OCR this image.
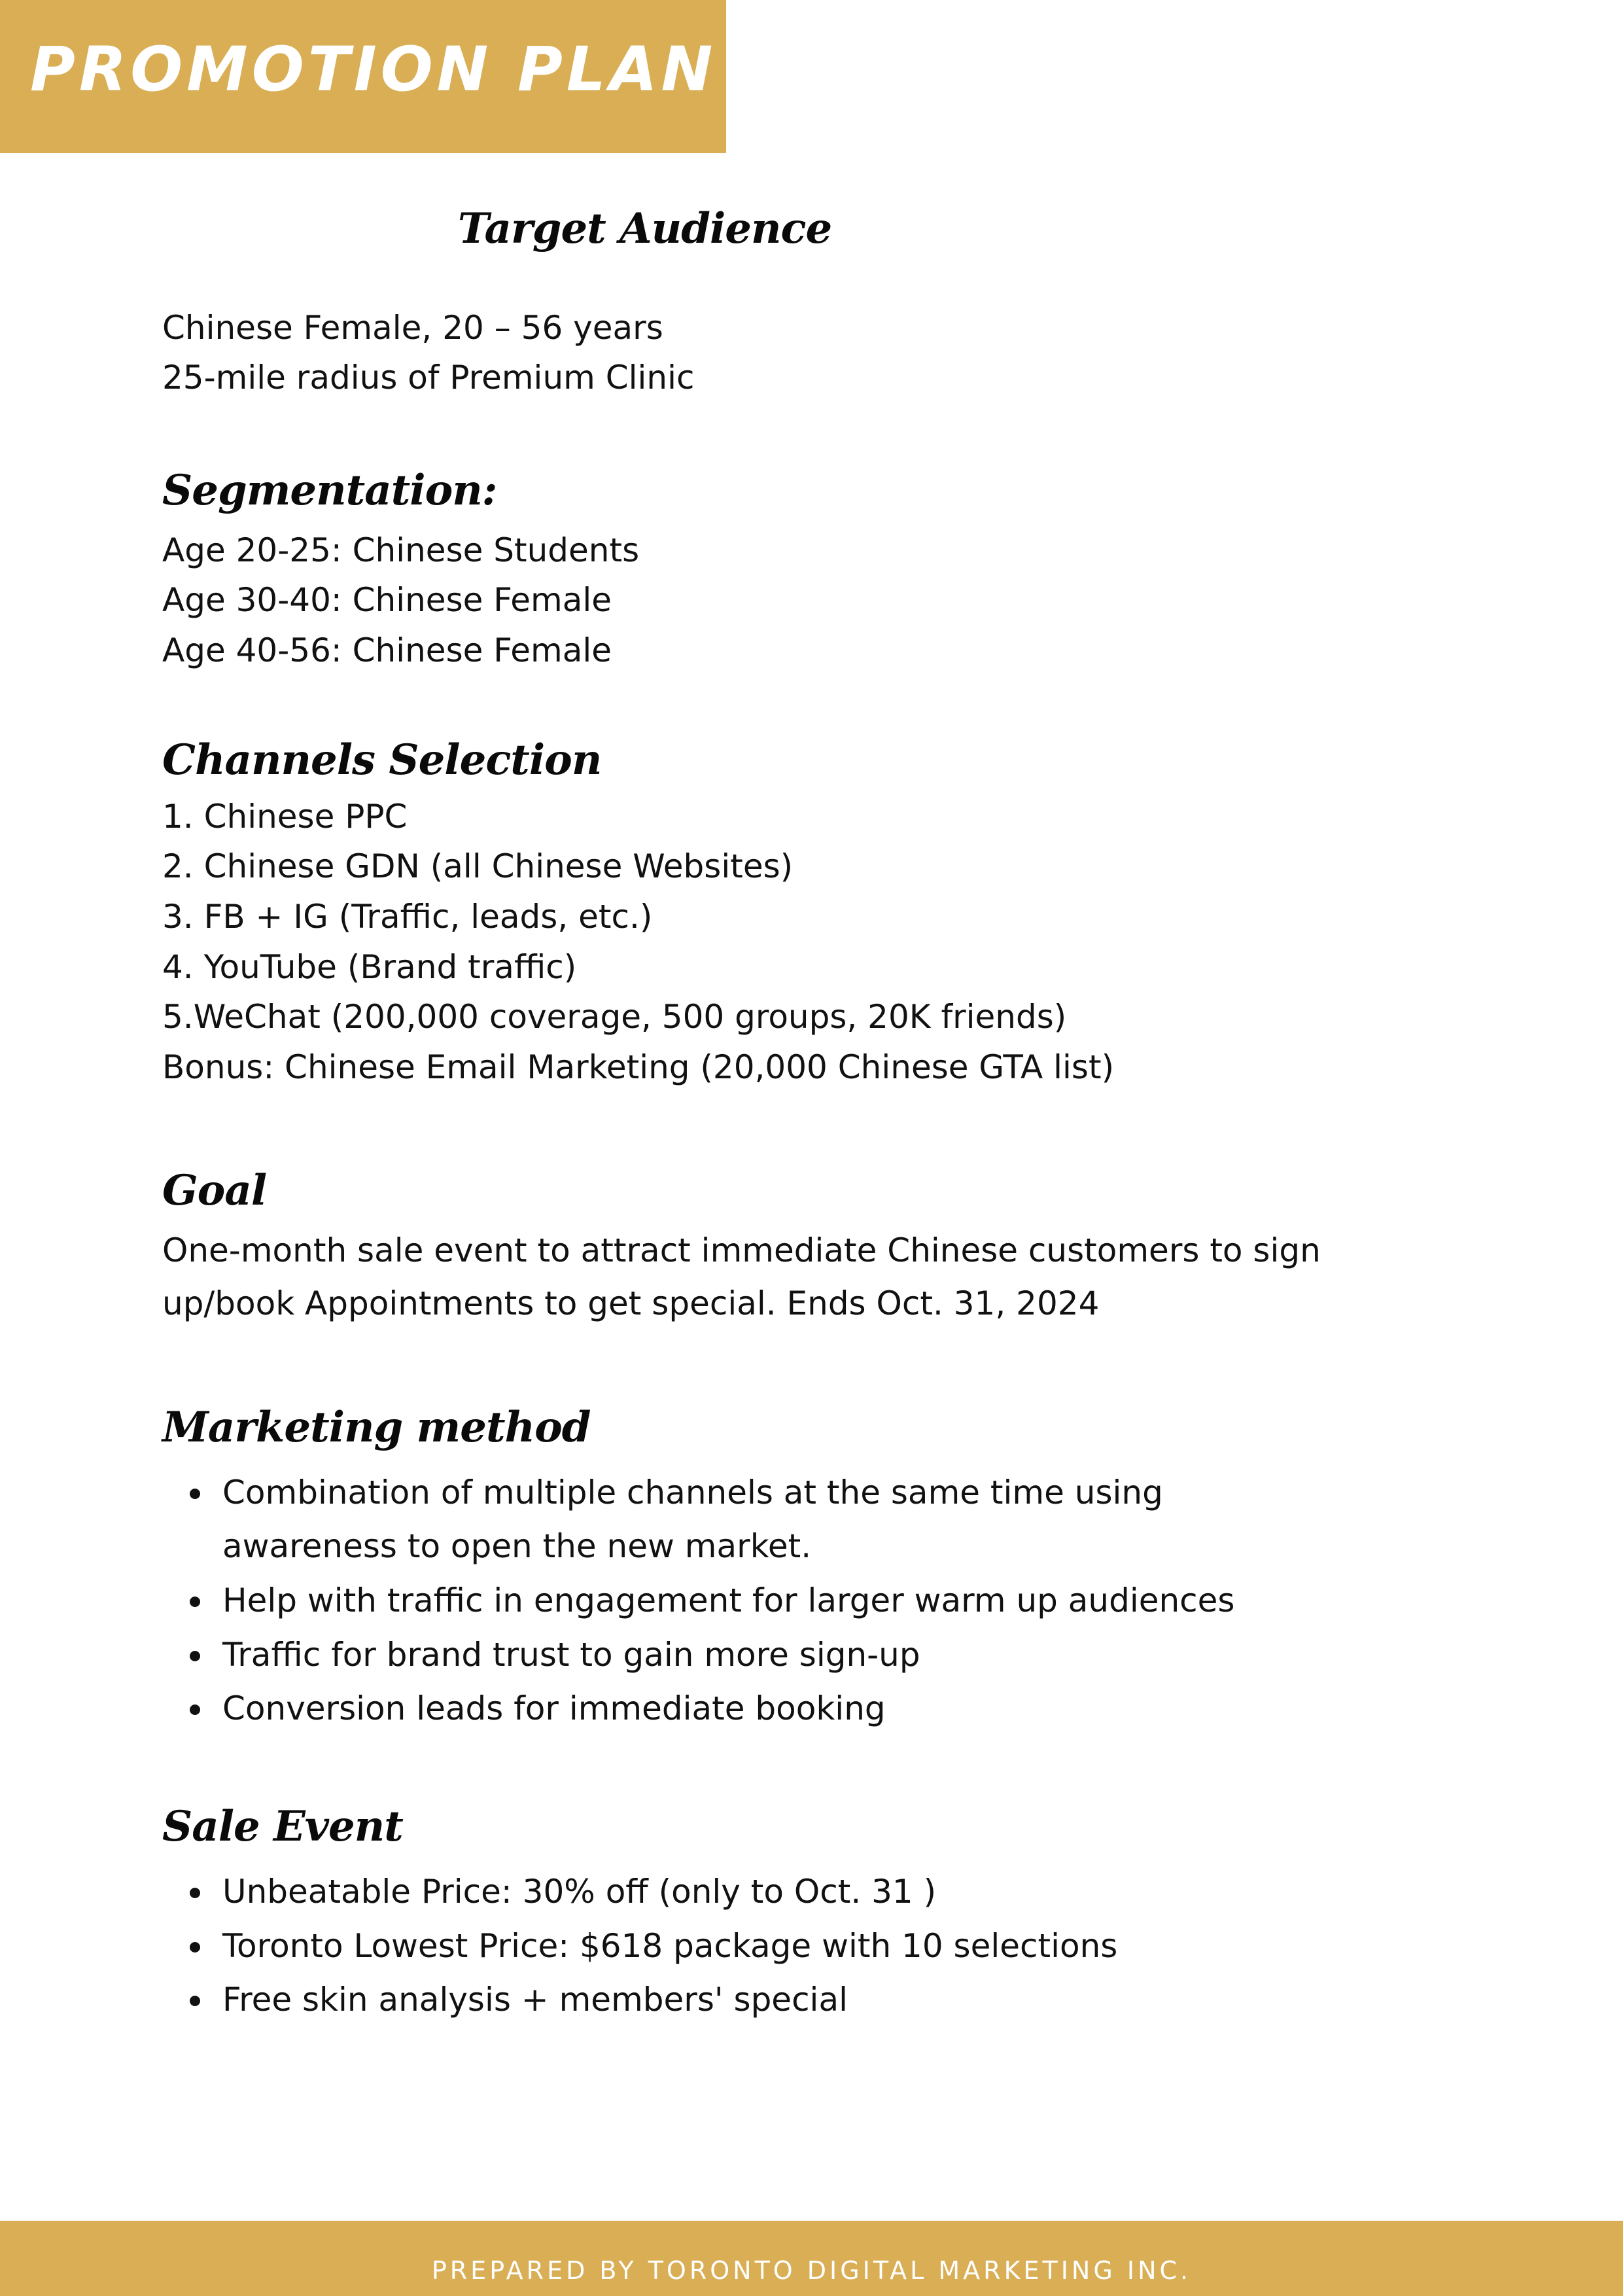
PROMOTION PLAN
Target Audience
Chinese Female, 20 – 56 years
25-mile radius of Premium Clinic
Segmentation:
Age 20-25: Chinese Students
Age 30-40: Chinese Female
Age 40-56: Chinese Female
Channels Selection
1. Chinese PPC
2. Chinese GDN (all Chinese Websites)
3. FB + IG (Traffic, leads, etc.)
4. YouTube (Brand traffic)
5.WeChat (200,000 coverage, 500 groups, 20K friends)
Bonus: Chinese Email Marketing (20,000 Chinese GTA list)
Goal
One-month sale event to attract immediate Chinese customers to sign
up/book Appointments to get special. Ends Oct. 31, 2024
Marketing method
Combination of multiple channels at the same time using
awareness to open the new market.
Help with traffic in engagement for larger warm up audiences
Traffic for brand trust to gain more sign-up
Conversion leads for immediate booking
Sale Event
Unbeatable Price: 30% off (only to Oct. 31 )
Toronto Lowest Price: $618 package with 10 selections
Free skin analysis + members' special
PREPARED BY TORONTO DIGITAL MARKETING INC.
